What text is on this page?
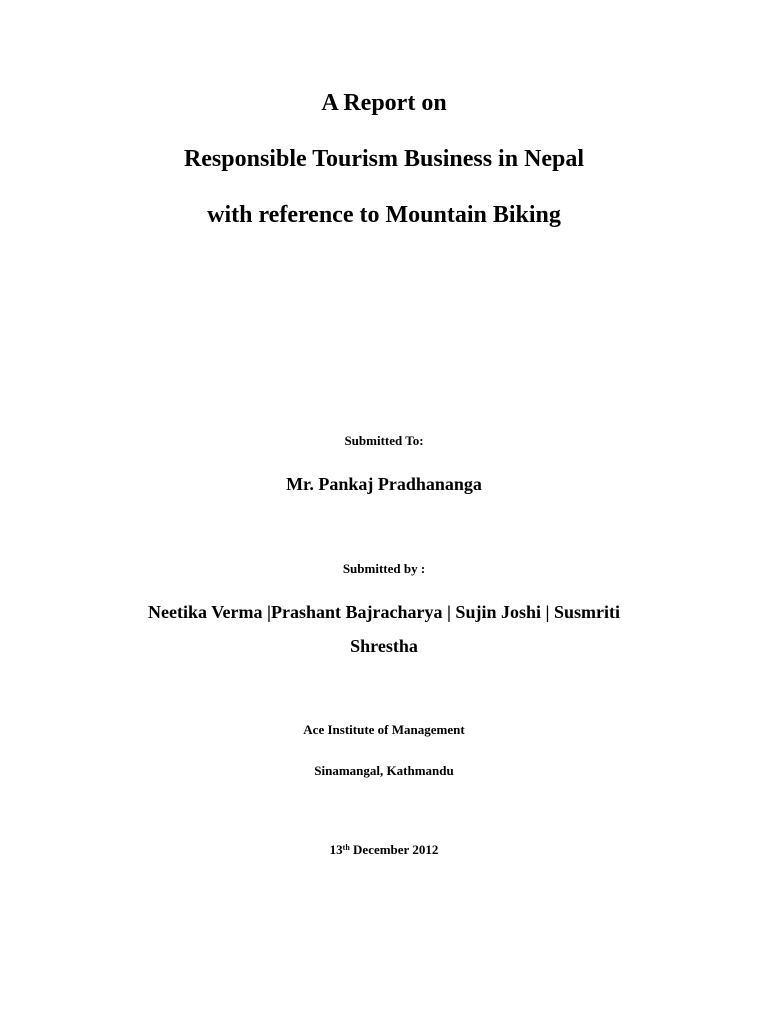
A Report on

Responsible Tourism Business in Nepal

with reference to Mountain Biking

Submitted To:

Mr. Pankaj Pradhananga

Submitted by :

Neetika Verma |Prashant Bajracharya | Sujin Joshi | Susmriti

Shrestha

Ace Institute of Management

Sinamangal, Kathmandu

13th December 2012
